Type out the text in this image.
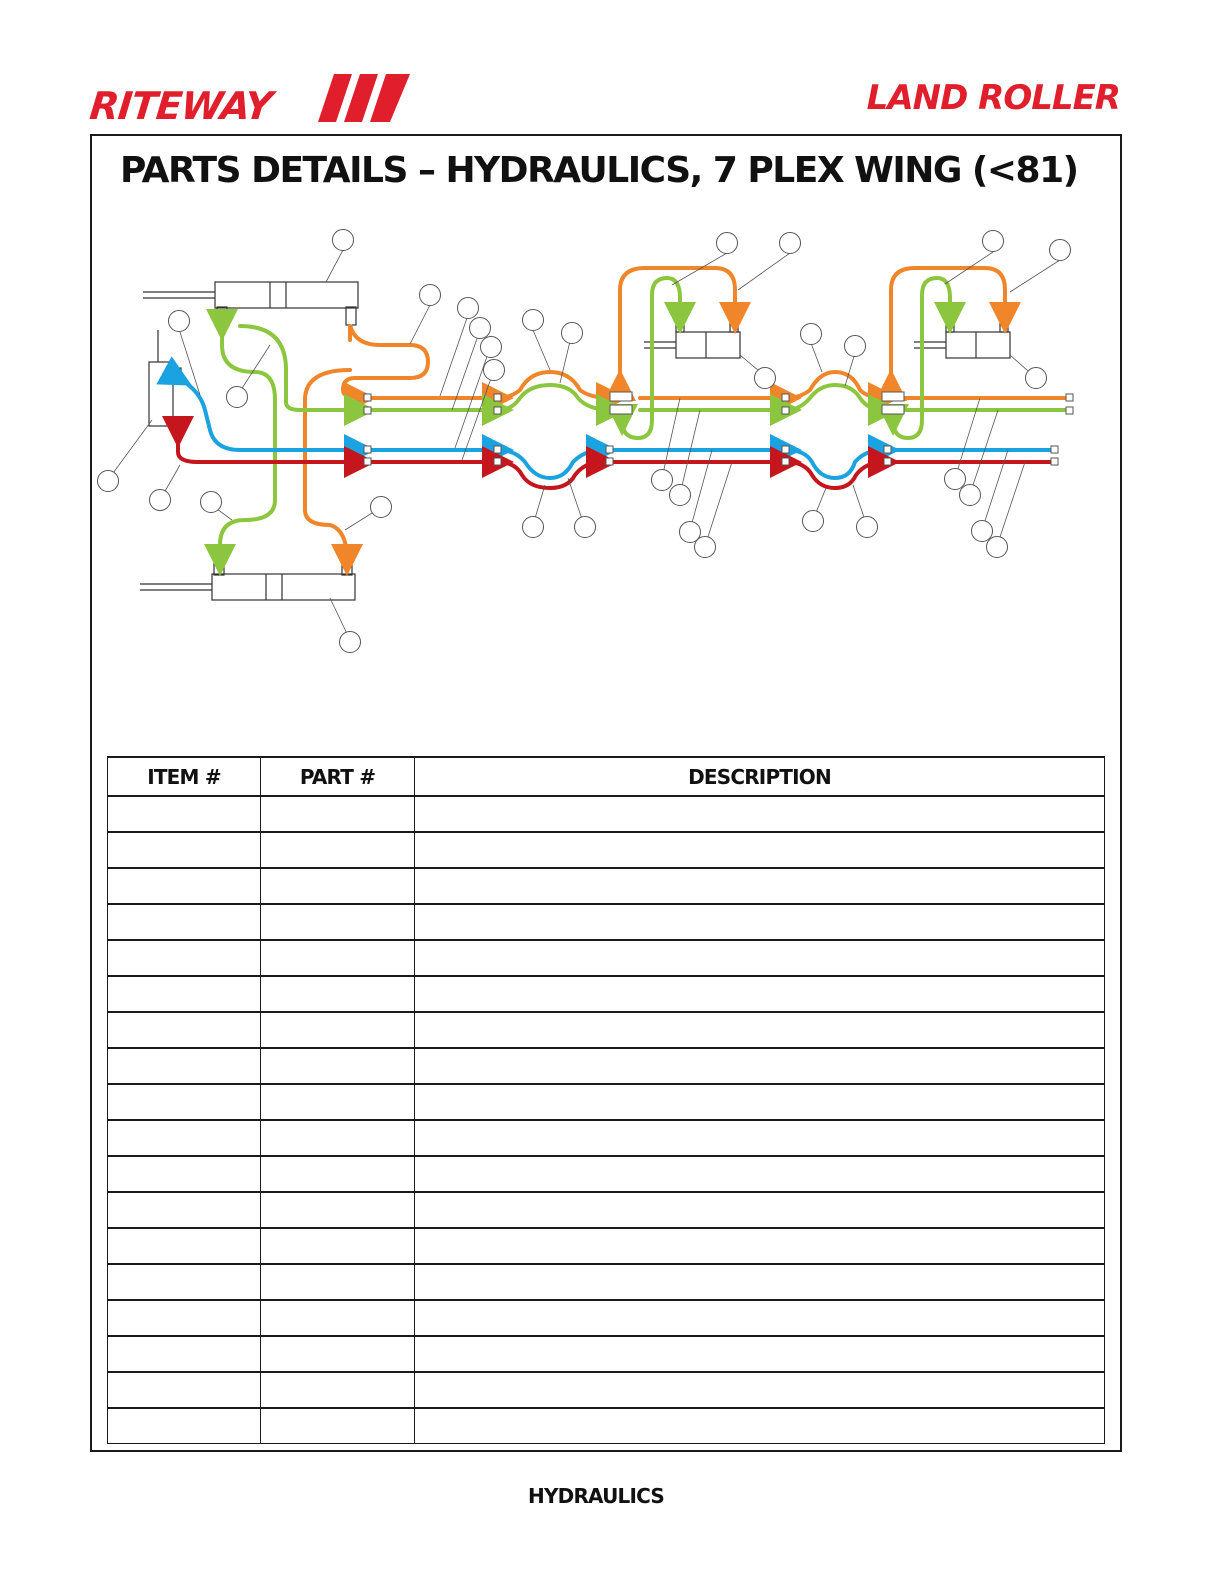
RITEWAY	LAND ROLLER
PARTS DETAILS – HYDRAULICS, 7 PLEX WING (<81)
ITEM #	PART #	DESCRIPTION

HYDRAULICS
